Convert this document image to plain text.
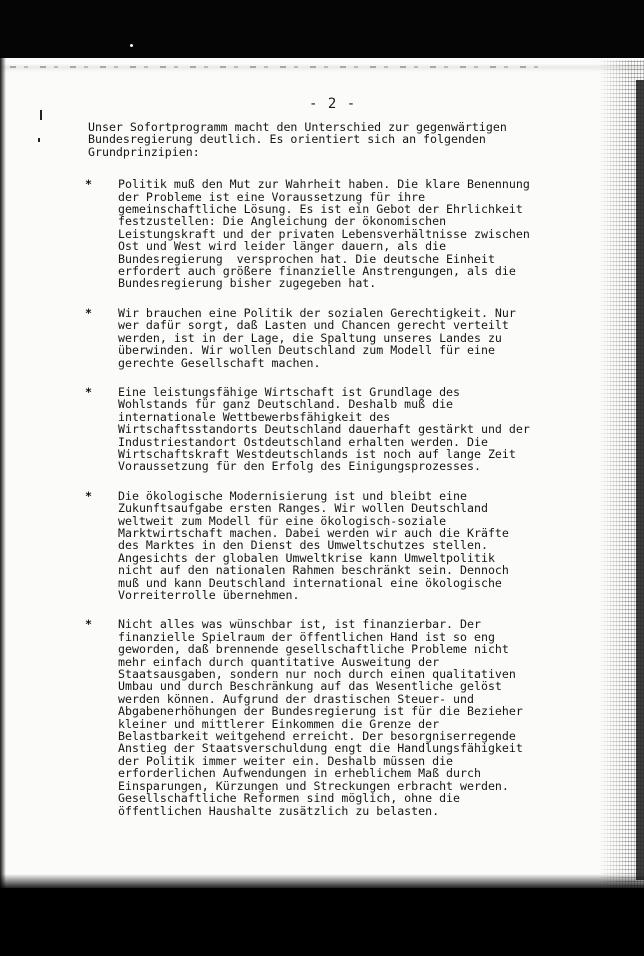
- 2 -

Unser Sofortprogramm macht den Unterschied zur gegenwärtigen
Bundesregierung deutlich. Es orientiert sich an folgenden
Grundprinzipien:

* Politik muß den Mut zur Wahrheit haben. Die klare Benennung
der Probleme ist eine Voraussetzung für ihre
gemeinschaftliche Lösung. Es ist ein Gebot der Ehrlichkeit
festzustellen: Die Angleichung der ökonomischen
Leistungskraft und der privaten Lebensverhältnisse zwischen
Ost und West wird leider länger dauern, als die
Bundesregierung  versprochen hat. Die deutsche Einheit
erfordert auch größere finanzielle Anstrengungen, als die
Bundesregierung bisher zugegeben hat.
* Wir brauchen eine Politik der sozialen Gerechtigkeit. Nur
wer dafür sorgt, daß Lasten und Chancen gerecht verteilt
werden, ist in der Lage, die Spaltung unseres Landes zu
überwinden. Wir wollen Deutschland zum Modell für eine
gerechte Gesellschaft machen.
* Eine leistungsfähige Wirtschaft ist Grundlage des
Wohlstands für ganz Deutschland. Deshalb muß die
internationale Wettbewerbsfähigkeit des
Wirtschaftsstandorts Deutschland dauerhaft gestärkt und der
Industriestandort Ostdeutschland erhalten werden. Die
Wirtschaftskraft Westdeutschlands ist noch auf lange Zeit
Voraussetzung für den Erfolg des Einigungsprozesses.
* Die ökologische Modernisierung ist und bleibt eine
Zukunftsaufgabe ersten Ranges. Wir wollen Deutschland
weltweit zum Modell für eine ökologisch-soziale
Marktwirtschaft machen. Dabei werden wir auch die Kräfte
des Marktes in den Dienst des Umweltschutzes stellen.
Angesichts der globalen Umweltkrise kann Umweltpolitik
nicht auf den nationalen Rahmen beschränkt sein. Dennoch
muß und kann Deutschland international eine ökologische
Vorreiterrolle übernehmen.
* Nicht alles was wünschbar ist, ist finanzierbar. Der
finanzielle Spielraum der öffentlichen Hand ist so eng
geworden, daß brennende gesellschaftliche Probleme nicht
mehr einfach durch quantitative Ausweitung der
Staatsausgaben, sondern nur noch durch einen qualitativen
Umbau und durch Beschränkung auf das Wesentliche gelöst
werden können. Aufgrund der drastischen Steuer- und
Abgabenerhöhungen der Bundesregierung ist für die Bezieher
kleiner und mittlerer Einkommen die Grenze der
Belastbarkeit weitgehend erreicht. Der besorgniserregende
Anstieg der Staatsverschuldung engt die Handlungsfähigkeit
der Politik immer weiter ein. Deshalb müssen die
erforderlichen Aufwendungen in erheblichem Maß durch
Einsparungen, Kürzungen und Streckungen erbracht werden.
Gesellschaftliche Reformen sind möglich, ohne die
öffentlichen Haushalte zusätzlich zu belasten.
